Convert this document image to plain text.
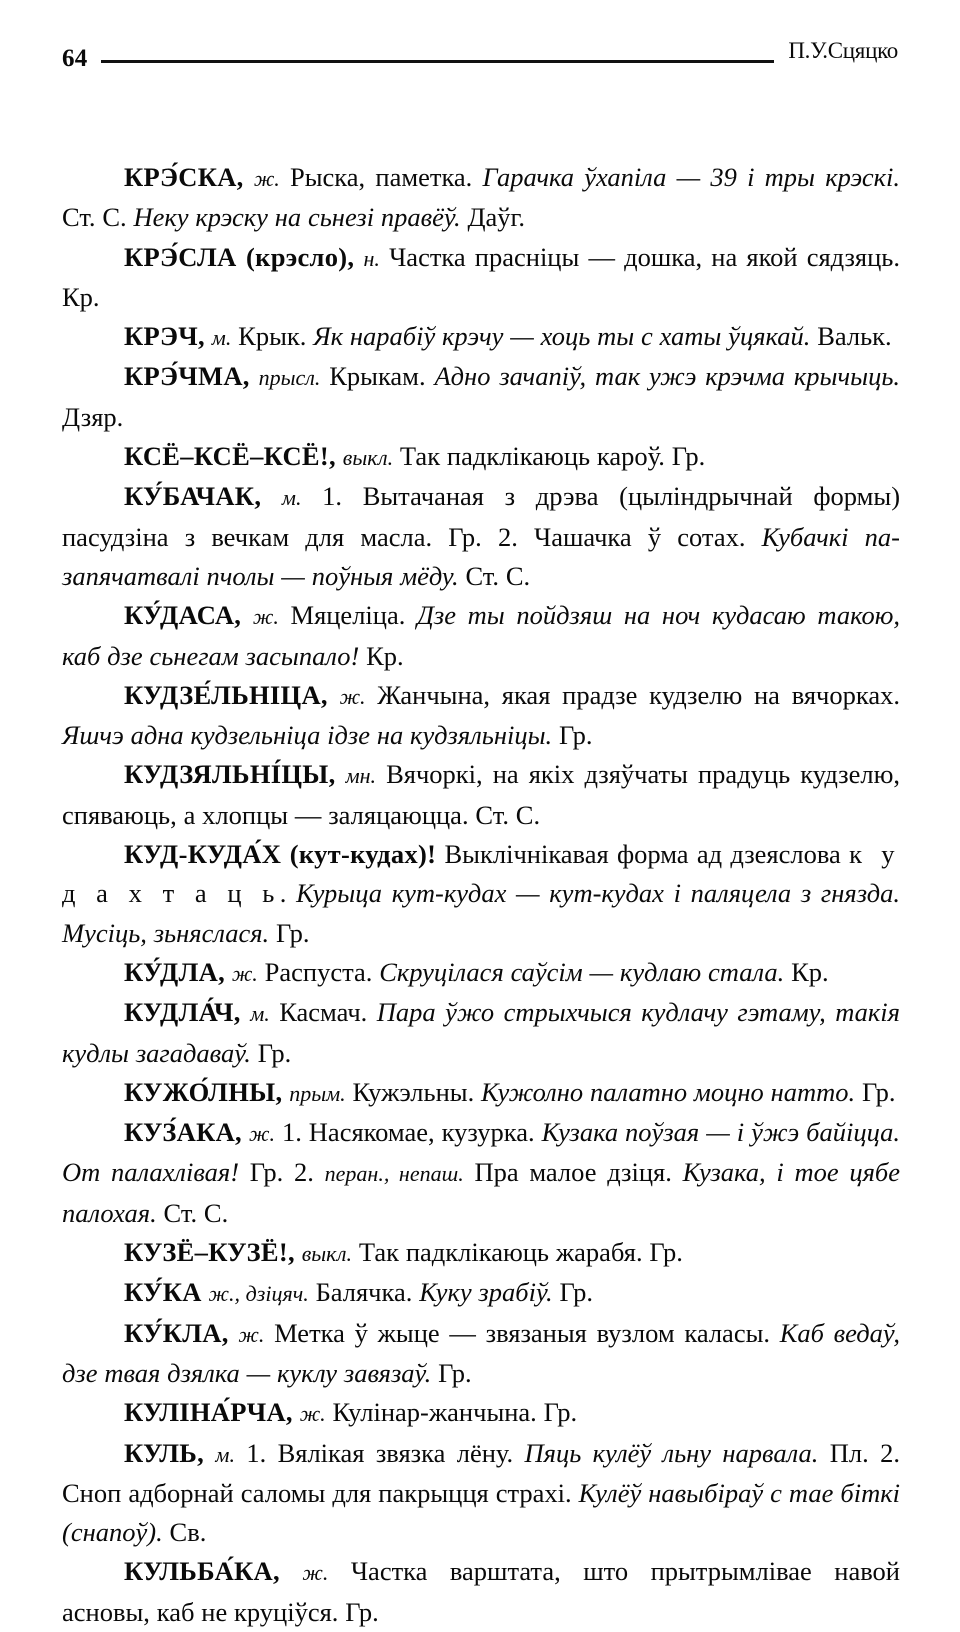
64	П.У.Сцяцко

КРЭ́СКА, ж. Рыска, паметка. Гарачка ўхапіла — 39 і тры крэскі. Ст. С. Неку крэску на сьнезі правёў. Даўг.

КРЭ́СЛА (крэсло), н. Частка прасніцы — дошка, на якой сядзяць. Кр.

КРЭЧ, м. Крык. Як нарабіў крэчу — хоць ты с хаты ўцякай. Вальк.

КРЭ́ЧМА, прысл. Крыкам. Адно зачапіў, так ужэ крэчма крычыць. Дзяр.

КСЁ–КСЁ–КСЁ!, выкл. Так падклікаюць кароў. Гр.

КУ́БАЧАК, м. 1. Вытачаная з дрэва (цыліндрычнай формы) пасудзіна з вечкам для масла. Гр. 2. Чашачка ў сотах. Кубачкі па-запячатвалі пчолы — поўныя мёду. Ст. С.

КУ́ДАСА, ж. Мяцеліца. Дзе ты пойдзяш на ноч кудасаю такою, каб дзе сьнегам засыпало! Кр.

КУДЗЕ́ЛЬНІЦА, ж. Жанчына, якая прадзе кудзелю на вячорках. Яшчэ адна кудзельніца ідзе на кудзяльніцы. Гр.

КУДЗЯЛЬНІ́ЦЫ, мн. Вячоркі, на якіх дзяўчаты прадуць кудзелю, спяваюць, а хлопцы — заляцаюцца. Ст. С.

КУД-КУДА́Х (кут-кудах)! Выклічнікавая форма ад дзеяслова к у д а х т а ц ь. Курыца кут-кудах — кут-кудах і паляцела з гнязда. Мусіць, зьняслася. Гр.

КУ́ДЛА, ж. Распуста. Скруцілася саўсім — кудлаю стала. Кр.

КУДЛА́Ч, м. Касмач. Пара ўжо стрыхчыся кудлачу гэтаму, такія кудлы загадаваў. Гр.

КУЖО́ЛНЫ, прым. Кужэльны. Кужолно палатно моцно натто. Гр.

КУЗ́АКА, ж. 1. Насякомае, кузурка. Кузака поўзая — і ўжэ байіцца. От палахлівая! Гр. 2. перан., непаш. Пра малое дзіця. Кузака, і тое цябе палохая. Ст. С.

КУЗЁ–КУЗЁ!, выкл. Так падклікаюць жарабя. Гр.

КУ́КА ж., дзіцяч. Балячка. Куку зрабіў. Гр.

КУ́КЛА, ж. Метка ў жыце — звязаныя вузлом каласы. Каб ведаў, дзе твая дзялка — куклу завязаў. Гр.

КУЛІНА́РЧА, ж. Кулінар-жанчына. Гр.

КУЛЬ, м. 1. Вялікая звязка лёну. Пяць кулёў льну нарвала. Пл. 2. Сноп адборнай саломы для пакрыцця страхі. Кулёў навыбіраў с тае біткі (снапоў). Св.

КУЛЬБА́КА, ж. Частка варштата, што прытрымлівае навой асновы, каб не круціўся. Гр.
